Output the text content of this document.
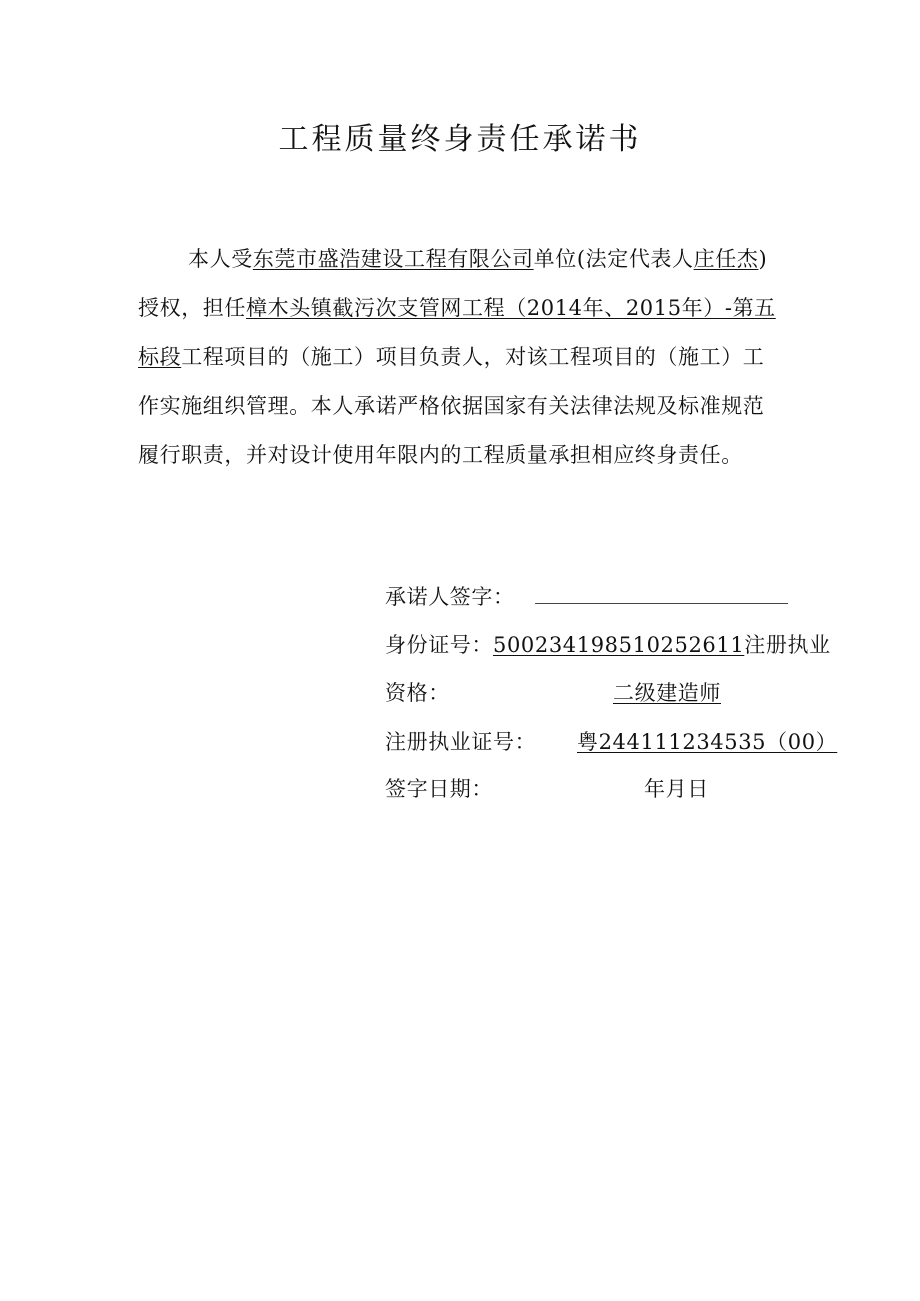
工程质量终身责任承诺书
本人受东莞市盛浩建设工程有限公司单位(法定代表人庄任杰)
授权，担任樟木头镇截污次支管网工程（2014年、2015年）-第五
标段工程项目的（施工）项目负责人，对该工程项目的（施工）工
作实施组织管理。本人承诺严格依据国家有关法律法规及标准规范
履行职责，并对设计使用年限内的工程质量承担相应终身责任。
承诺人签字：
身份证号：500234198510252611注册执业
资格：	二级建造师
注册执业证号： 粤244111234535（00）
签字日期：	年月日
